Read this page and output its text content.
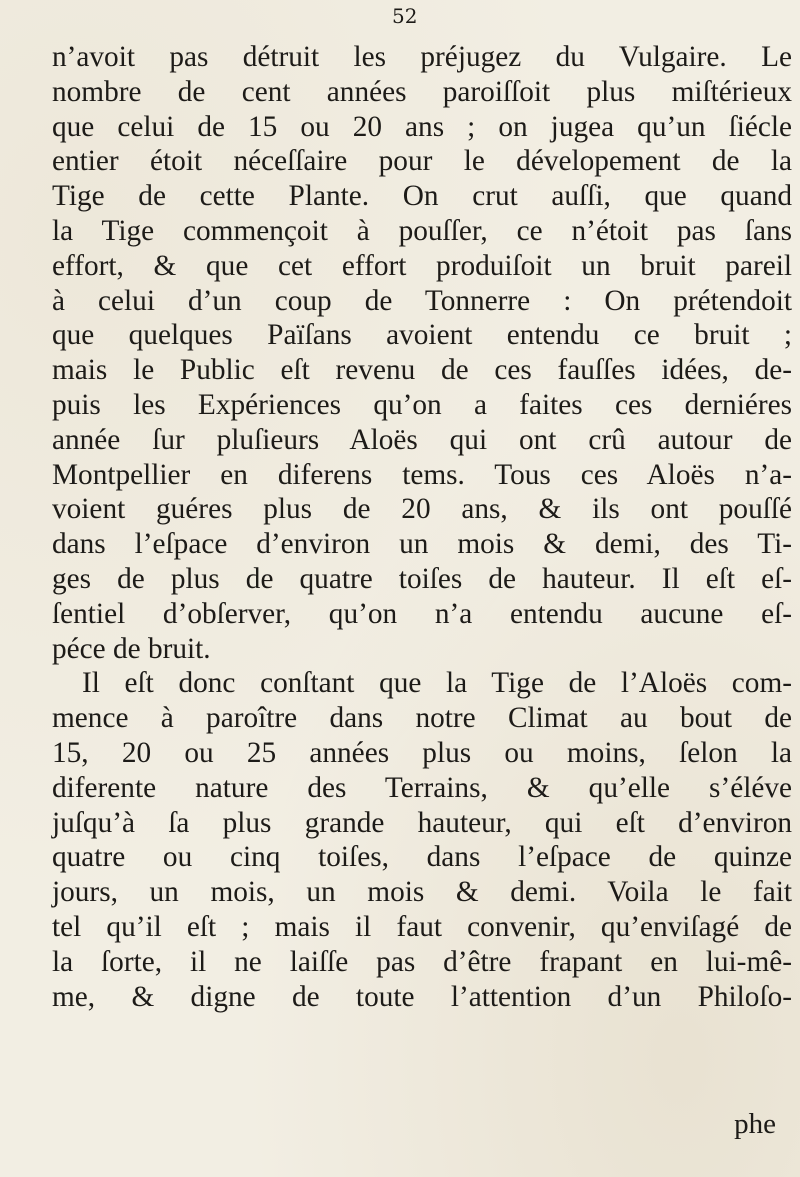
52
n’avoit pas détruit les préjugez du Vulgaire. Le
nombre de cent années paroiſſoit plus miſtérieux
que celui de 15 ou 20 ans ; on jugea qu’un ſiécle
entier étoit néceſſaire pour le dévelopement de la
Tige de cette Plante. On crut auſſi, que quand
la Tige commençoit à pouſſer, ce n’étoit pas ſans
effort, & que cet effort produiſoit un bruit pareil
à celui d’un coup de Tonnerre : On prétendoit
que quelques Païſans avoient entendu ce bruit ;
mais le Public eſt revenu de ces fauſſes idées, de-
puis les Expériences qu’on a faites ces derniéres
année ſur pluſieurs Aloës qui ont crû autour de
Montpellier en diferens tems. Tous ces Aloës n’a-
voient guéres plus de 20 ans, & ils ont pouſſé
dans l’eſpace d’environ un mois & demi, des Ti-
ges de plus de quatre toiſes de hauteur. Il eſt eſ-
ſentiel d’obſerver, qu’on n’a entendu aucune eſ-
péce de bruit.
Il eſt donc conſtant que la Tige de l’Aloës com-
mence à paroître dans notre Climat au bout de
15, 20 ou 25 années plus ou moins, ſelon la
diferente nature des Terrains, & qu’elle s’éléve
juſqu’à ſa plus grande hauteur, qui eſt d’environ
quatre ou cinq toiſes, dans l’eſpace de quinze
jours, un mois, un mois & demi. Voila le fait
tel qu’il eſt ; mais il faut convenir, qu’enviſagé de
la ſorte, il ne laiſſe pas d’être frapant en lui-mê-
me, & digne de toute l’attention d’un Philoſo-
phe
